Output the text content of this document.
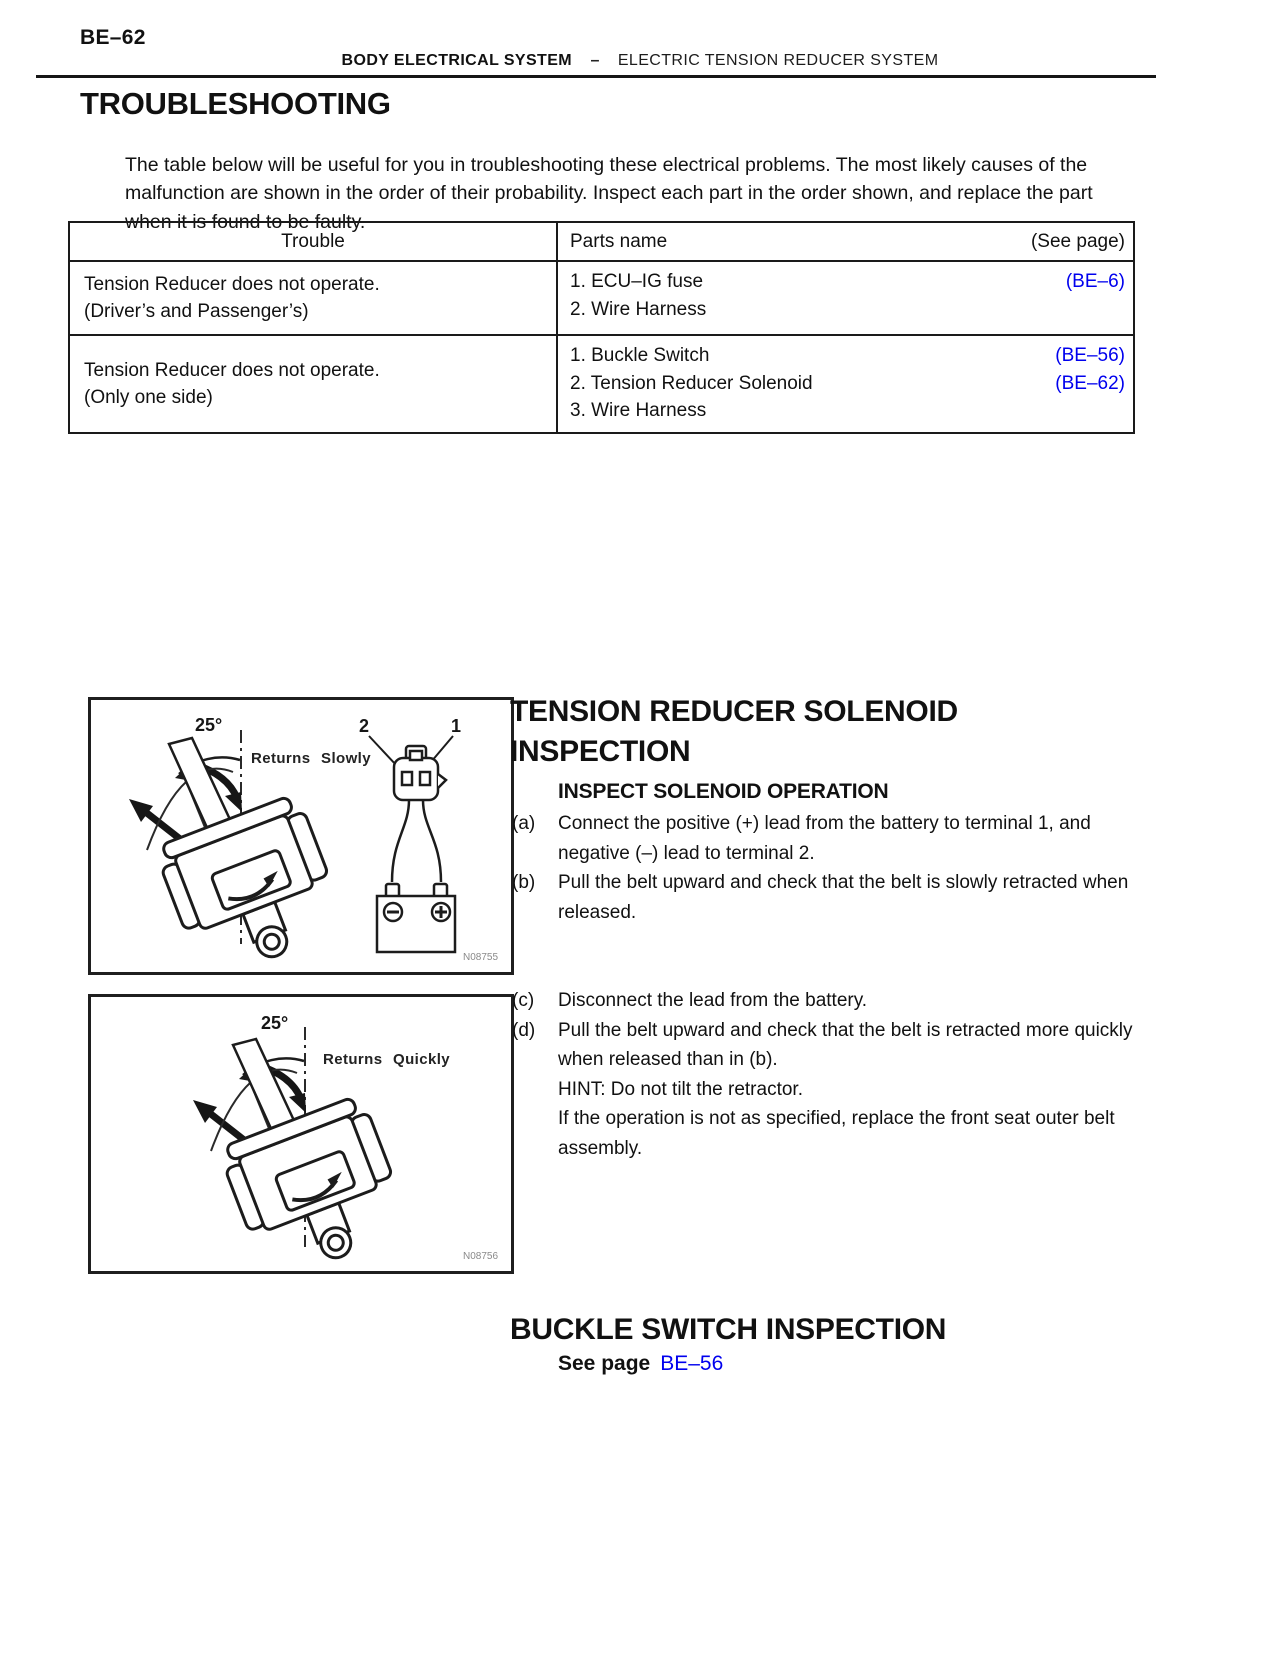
BE–62
BODY ELECTRICAL SYSTEM – ELECTRIC TENSION REDUCER SYSTEM
TROUBLESHOOTING

The table below will be useful for you in troubleshooting these electrical problems. The most likely causes of the malfunction are shown in the order of their probability. Inspect each part in the order shown, and replace the part when it is found to be faulty.

Trouble	Parts name	(See page)
Tension Reducer does not operate.
(Driver’s and Passenger’s)
1. ECU–IG fuse	(BE–6)
2. Wire Harness
Tension Reducer does not operate.
(Only one side)
1. Buckle Switch	(BE–56)
2. Tension Reducer Solenoid	(BE–62)
3. Wire Harness
25°
Returns Slowly
2	1
N08755
25°
Returns Quickly
N08756
TENSION REDUCER SOLENOID
INSPECTION
INSPECT SOLENOID OPERATION
(a)	Connect the positive (+) lead from the battery to terminal 1, and negative (–) lead to terminal 2.
(b)	Pull the belt upward and check that the belt is slowly retracted when released.
(c)	Disconnect the lead from the battery.
(d)	Pull the belt upward and check that the belt is retracted more quickly when released than in (b).
HINT: Do not tilt the retractor.
If the operation is not as specified, replace the front seat outer belt assembly.
BUCKLE SWITCH INSPECTION
See page BE–56
